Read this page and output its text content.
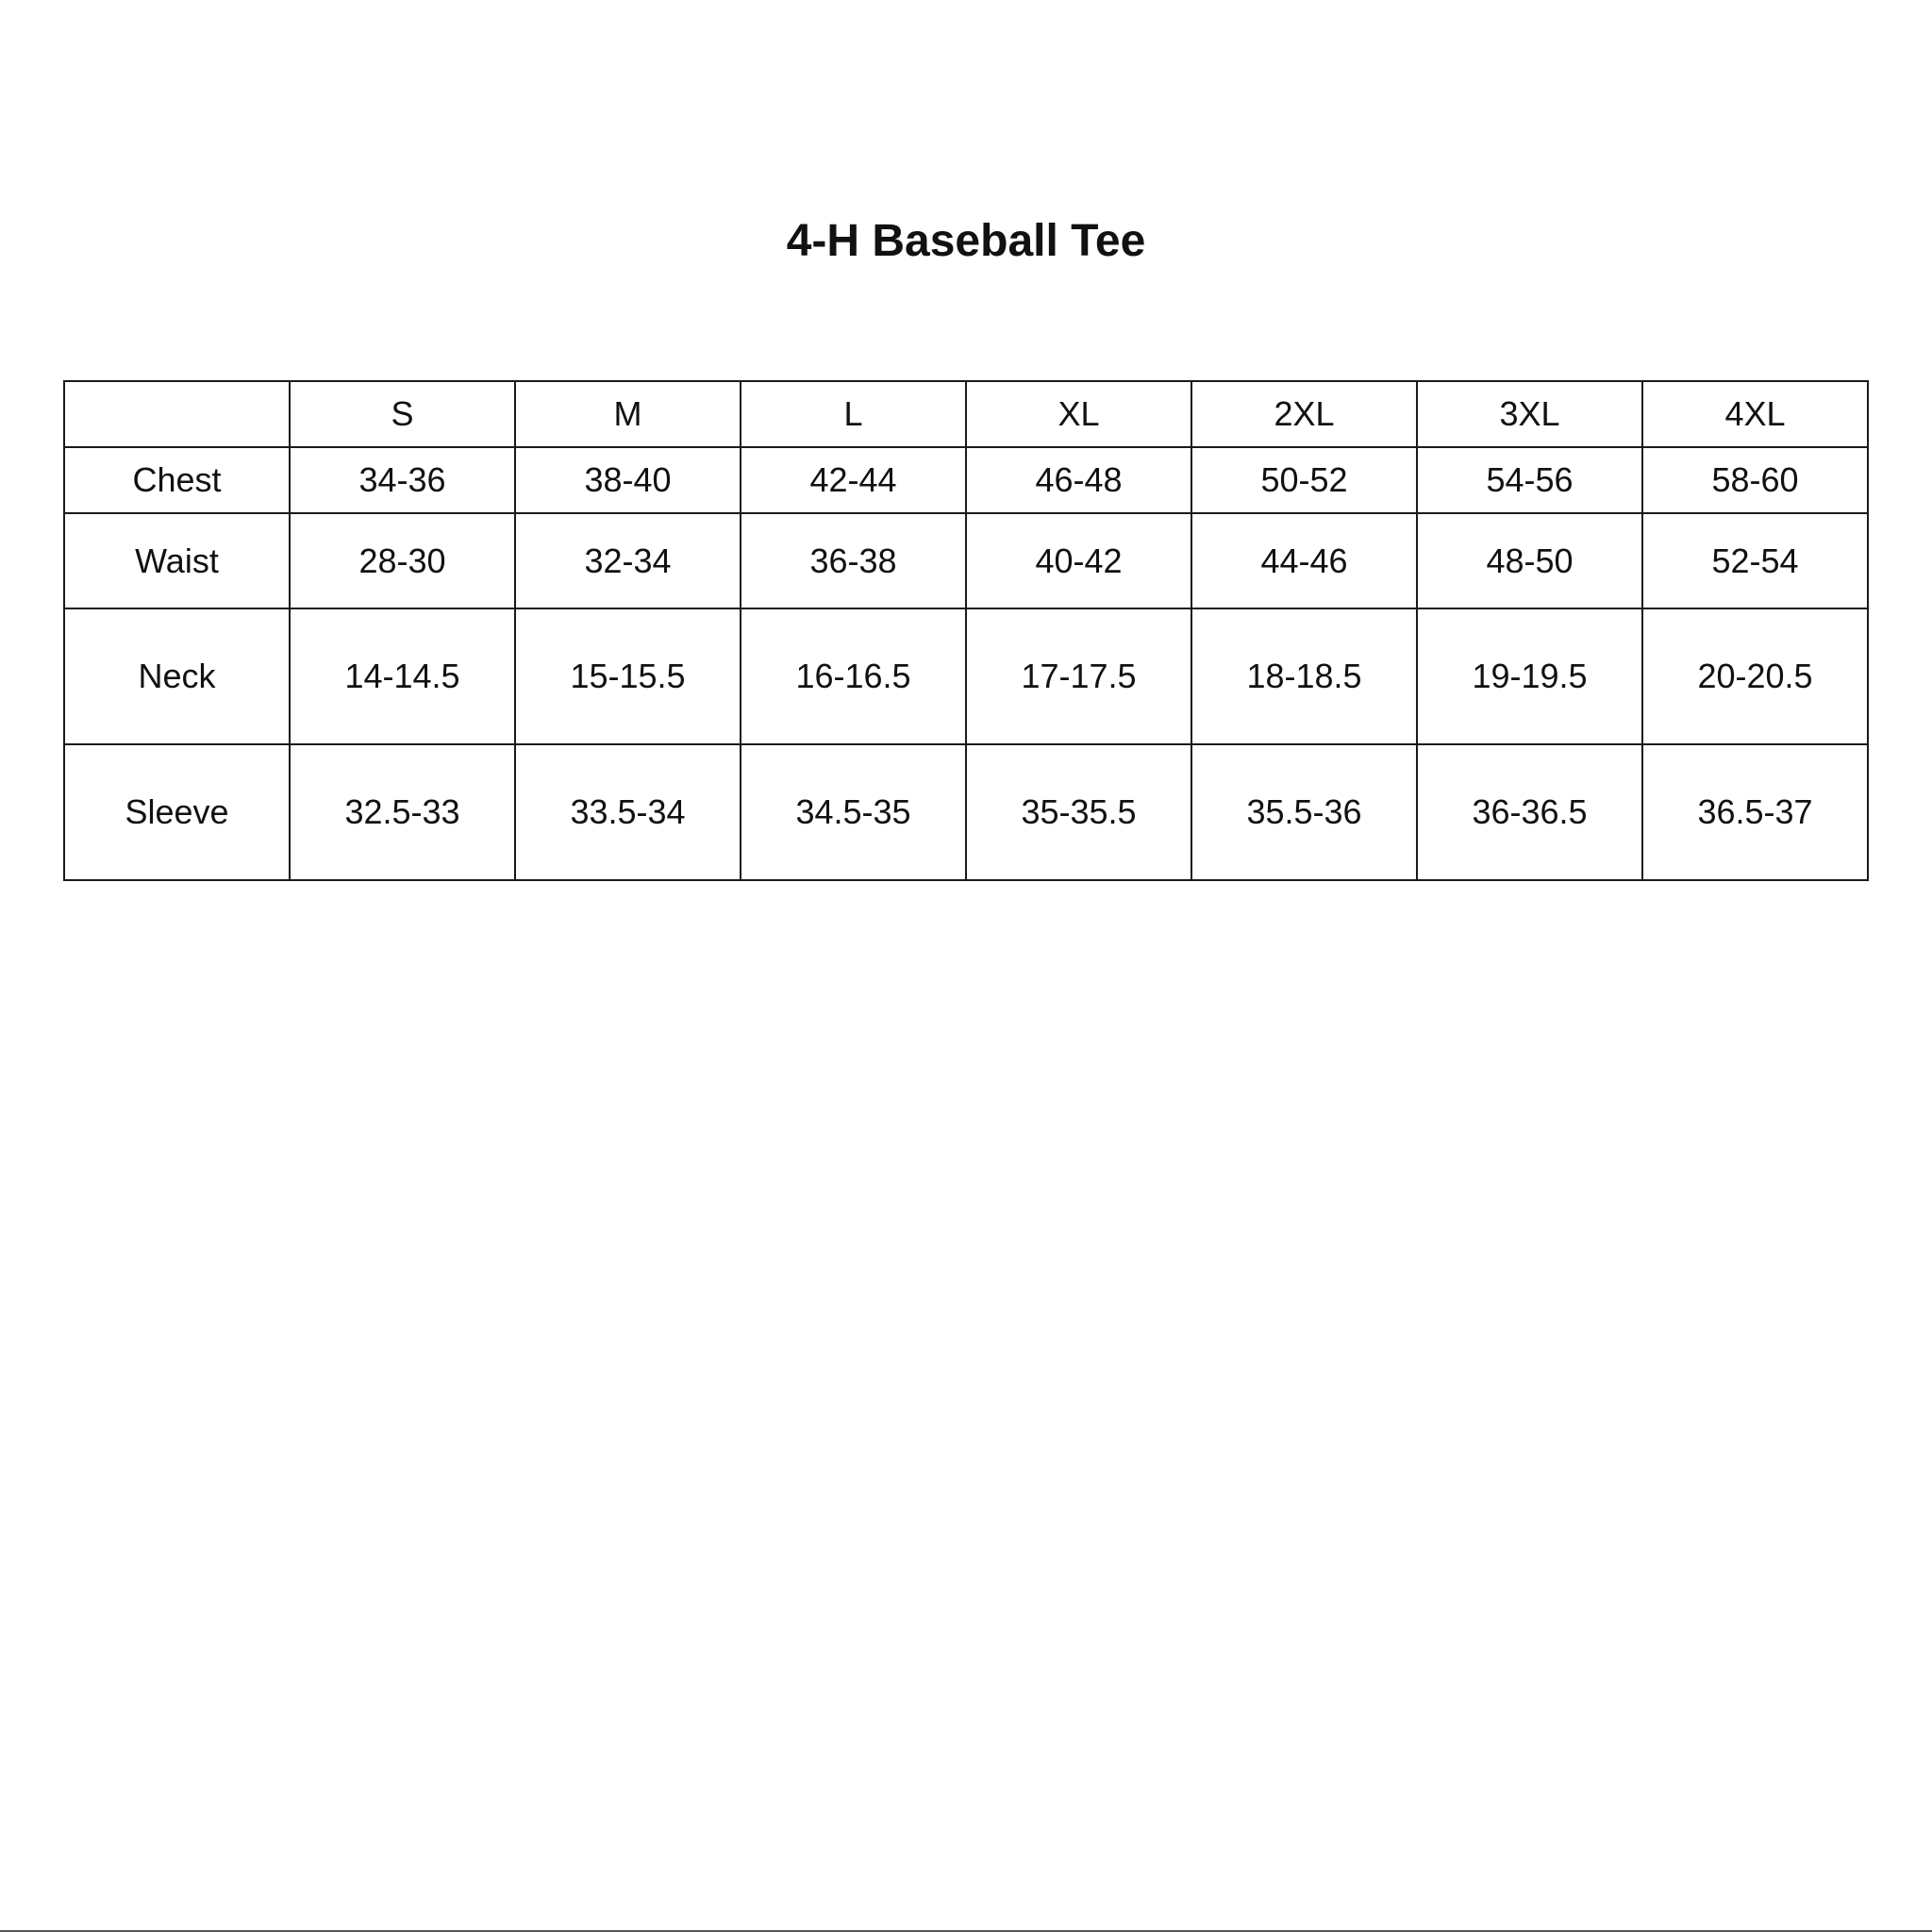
4-H Baseball Tee
	S	M	L	XL	2XL	3XL	4XL
Chest	34-36	38-40	42-44	46-48	50-52	54-56	58-60
Waist	28-30	32-34	36-38	40-42	44-46	48-50	52-54
Neck	14-14.5	15-15.5	16-16.5	17-17.5	18-18.5	19-19.5	20-20.5
Sleeve	32.5-33	33.5-34	34.5-35	35-35.5	35.5-36	36-36.5	36.5-37
